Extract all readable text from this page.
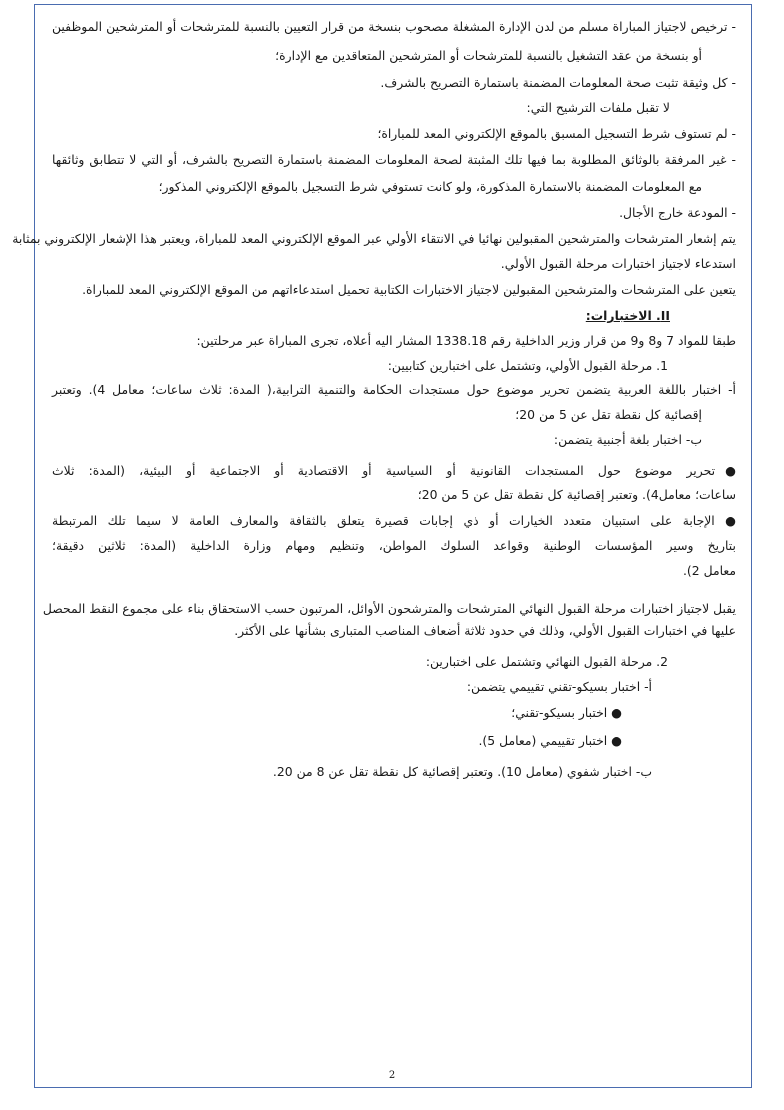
- ترخيص لاجتياز المباراة مسلم من لدن الإدارة المشغلة مصحوب بنسخة من قرار التعيين بالنسبة للمترشحات أو المترشحين الموظفين
أو بنسخة من عقد التشغيل بالنسبة للمترشحات أو المترشحين المتعاقدين مع الإدارة؛
- كل وثيقة تثبت صحة المعلومات المضمنة باستمارة التصريح بالشرف.
لا تقبل ملفات الترشيح التي:
- لم تستوف شرط التسجيل المسبق بالموقع الإلكتروني المعد للمباراة؛
- غير المرفقة بالوثائق المطلوبة بما فيها تلك المثبتة لصحة المعلومات المضمنة باستمارة التصريح بالشرف، أو التي لا تتطابق وثائقها
مع المعلومات المضمنة بالاستمارة المذكورة، ولو كانت تستوفي شرط التسجيل بالموقع الإلكتروني المذكور؛
- المودعة خارج الأجال.
يتم إشعار المترشحات والمترشحين المقبولين نهائيا في الانتقاء الأولي عبر الموقع الإلكتروني المعد للمباراة، ويعتبر هذا الإشعار الإلكتروني بمثابة
استدعاء لاجتياز اختبارات مرحلة القبول الأولي.
يتعين على المترشحات والمترشحين المقبولين لاجتياز الاختبارات الكتابية تحميل استدعاءاتهم من الموقع الإلكتروني المعد للمباراة.
II. الاختبارات:
طبقا للمواد 7 و8 و9 من قرار وزير الداخلية رقم 1338.18 المشار اليه أعلاه، تجرى المباراة عبر مرحلتين:
1. مرحلة القبول الأولي، وتشتمل على اختبارين كتابيين:
أ- اختبار باللغة العربية يتضمن تحرير موضوع حول مستجدات الحكامة والتنمية الترابية،( المدة: ثلاث ساعات؛ معامل 4). وتعتبر
إقصائية كل نقطة تقل عن 5 من 20؛
ب- اختبار بلغة أجنبية يتضمن:
●تحرير موضوع حول المستجدات القانونية أو السياسية أو الاقتصادية أو الاجتماعية أو البيئية، (المدة: ثلاث
ساعات؛ معامل4). وتعتبر إقصائية كل نقطة تقل عن 5 من 20؛
● الإجابة على استبيان متعدد الخيارات أو ذي إجابات قصيرة يتعلق بالثقافة والمعارف العامة لا سيما تلك المرتبطة
بتاريخ وسير المؤسسات الوطنية وقواعد السلوك المواطن، وتنظيم ومهام وزارة الداخلية (المدة: ثلاثين دقيقة؛
معامل 2).
يقبل لاجتياز اختبارات مرحلة القبول النهائي المترشحات والمترشحون الأوائل، المرتبون حسب الاستحقاق بناء على مجموع النقط المحصل
عليها في اختبارات القبول الأولي، وذلك في حدود ثلاثة أضعاف المناصب المتبارى بشأنها على الأكثر.
2. مرحلة القبول النهائي وتشتمل على اختبارين:
أ- اختبار بسيكو-تقني تقييمي يتضمن:
● اختبار بسيكو-تقني؛
● اختبار تقييمي (معامل 5).
ب- اختبار شفوي (معامل 10). وتعتبر إقصائية كل نقطة تقل عن 8 من 20.
2
